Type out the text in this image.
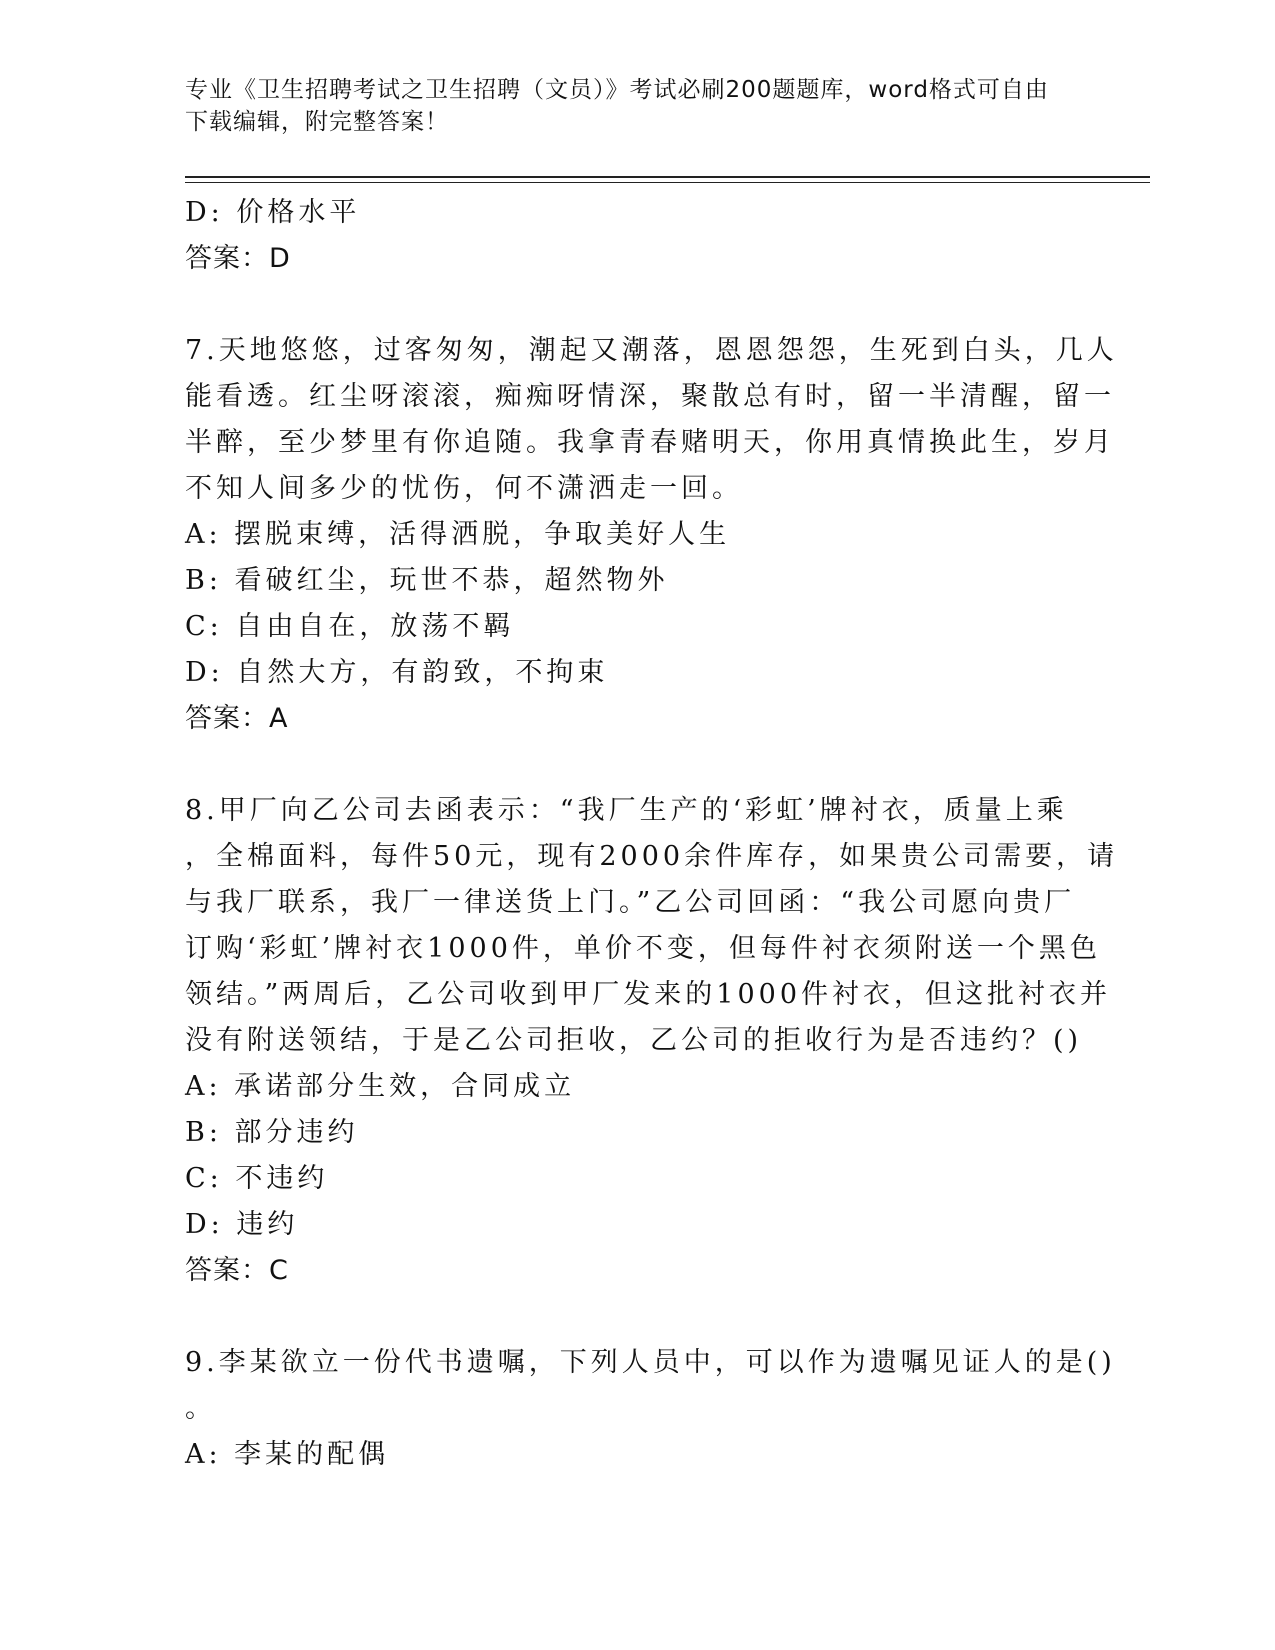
专业《卫生招聘考试之卫生招聘（文员）》考试必刷200题题库，word格式可自由下载编辑，附完整答案！
D: 价格水平
答案：D
7.天地悠悠，过客匆匆，潮起又潮落，恩恩怨怨，生死到白头，几人
能看透。红尘呀滚滚，痴痴呀情深，聚散总有时，留一半清醒，留一
半醉，至少梦里有你追随。我拿青春赌明天，你用真情换此生，岁月
不知人间多少的忧伤，何不潇洒走一回。
A: 摆脱束缚，活得洒脱，争取美好人生
B: 看破红尘，玩世不恭，超然物外
C: 自由自在，放荡不羁
D: 自然大方，有韵致，不拘束
答案：A
8.甲厂向乙公司去函表示：“我厂生产的‘彩虹’牌衬衣，质量上乘
，全棉面料，每件50元，现有2000余件库存，如果贵公司需要，请
与我厂联系，我厂一律送货上门。”乙公司回函：“我公司愿向贵厂
订购‘彩虹’牌衬衣1000件，单价不变，但每件衬衣须附送一个黑色
领结。”两周后，乙公司收到甲厂发来的1000件衬衣，但这批衬衣并
没有附送领结，于是乙公司拒收，乙公司的拒收行为是否违约？()
A: 承诺部分生效，合同成立
B: 部分违约
C: 不违约
D: 违约
答案：C
9.李某欲立一份代书遗嘱，下列人员中，可以作为遗嘱见证人的是()
。
A: 李某的配偶
